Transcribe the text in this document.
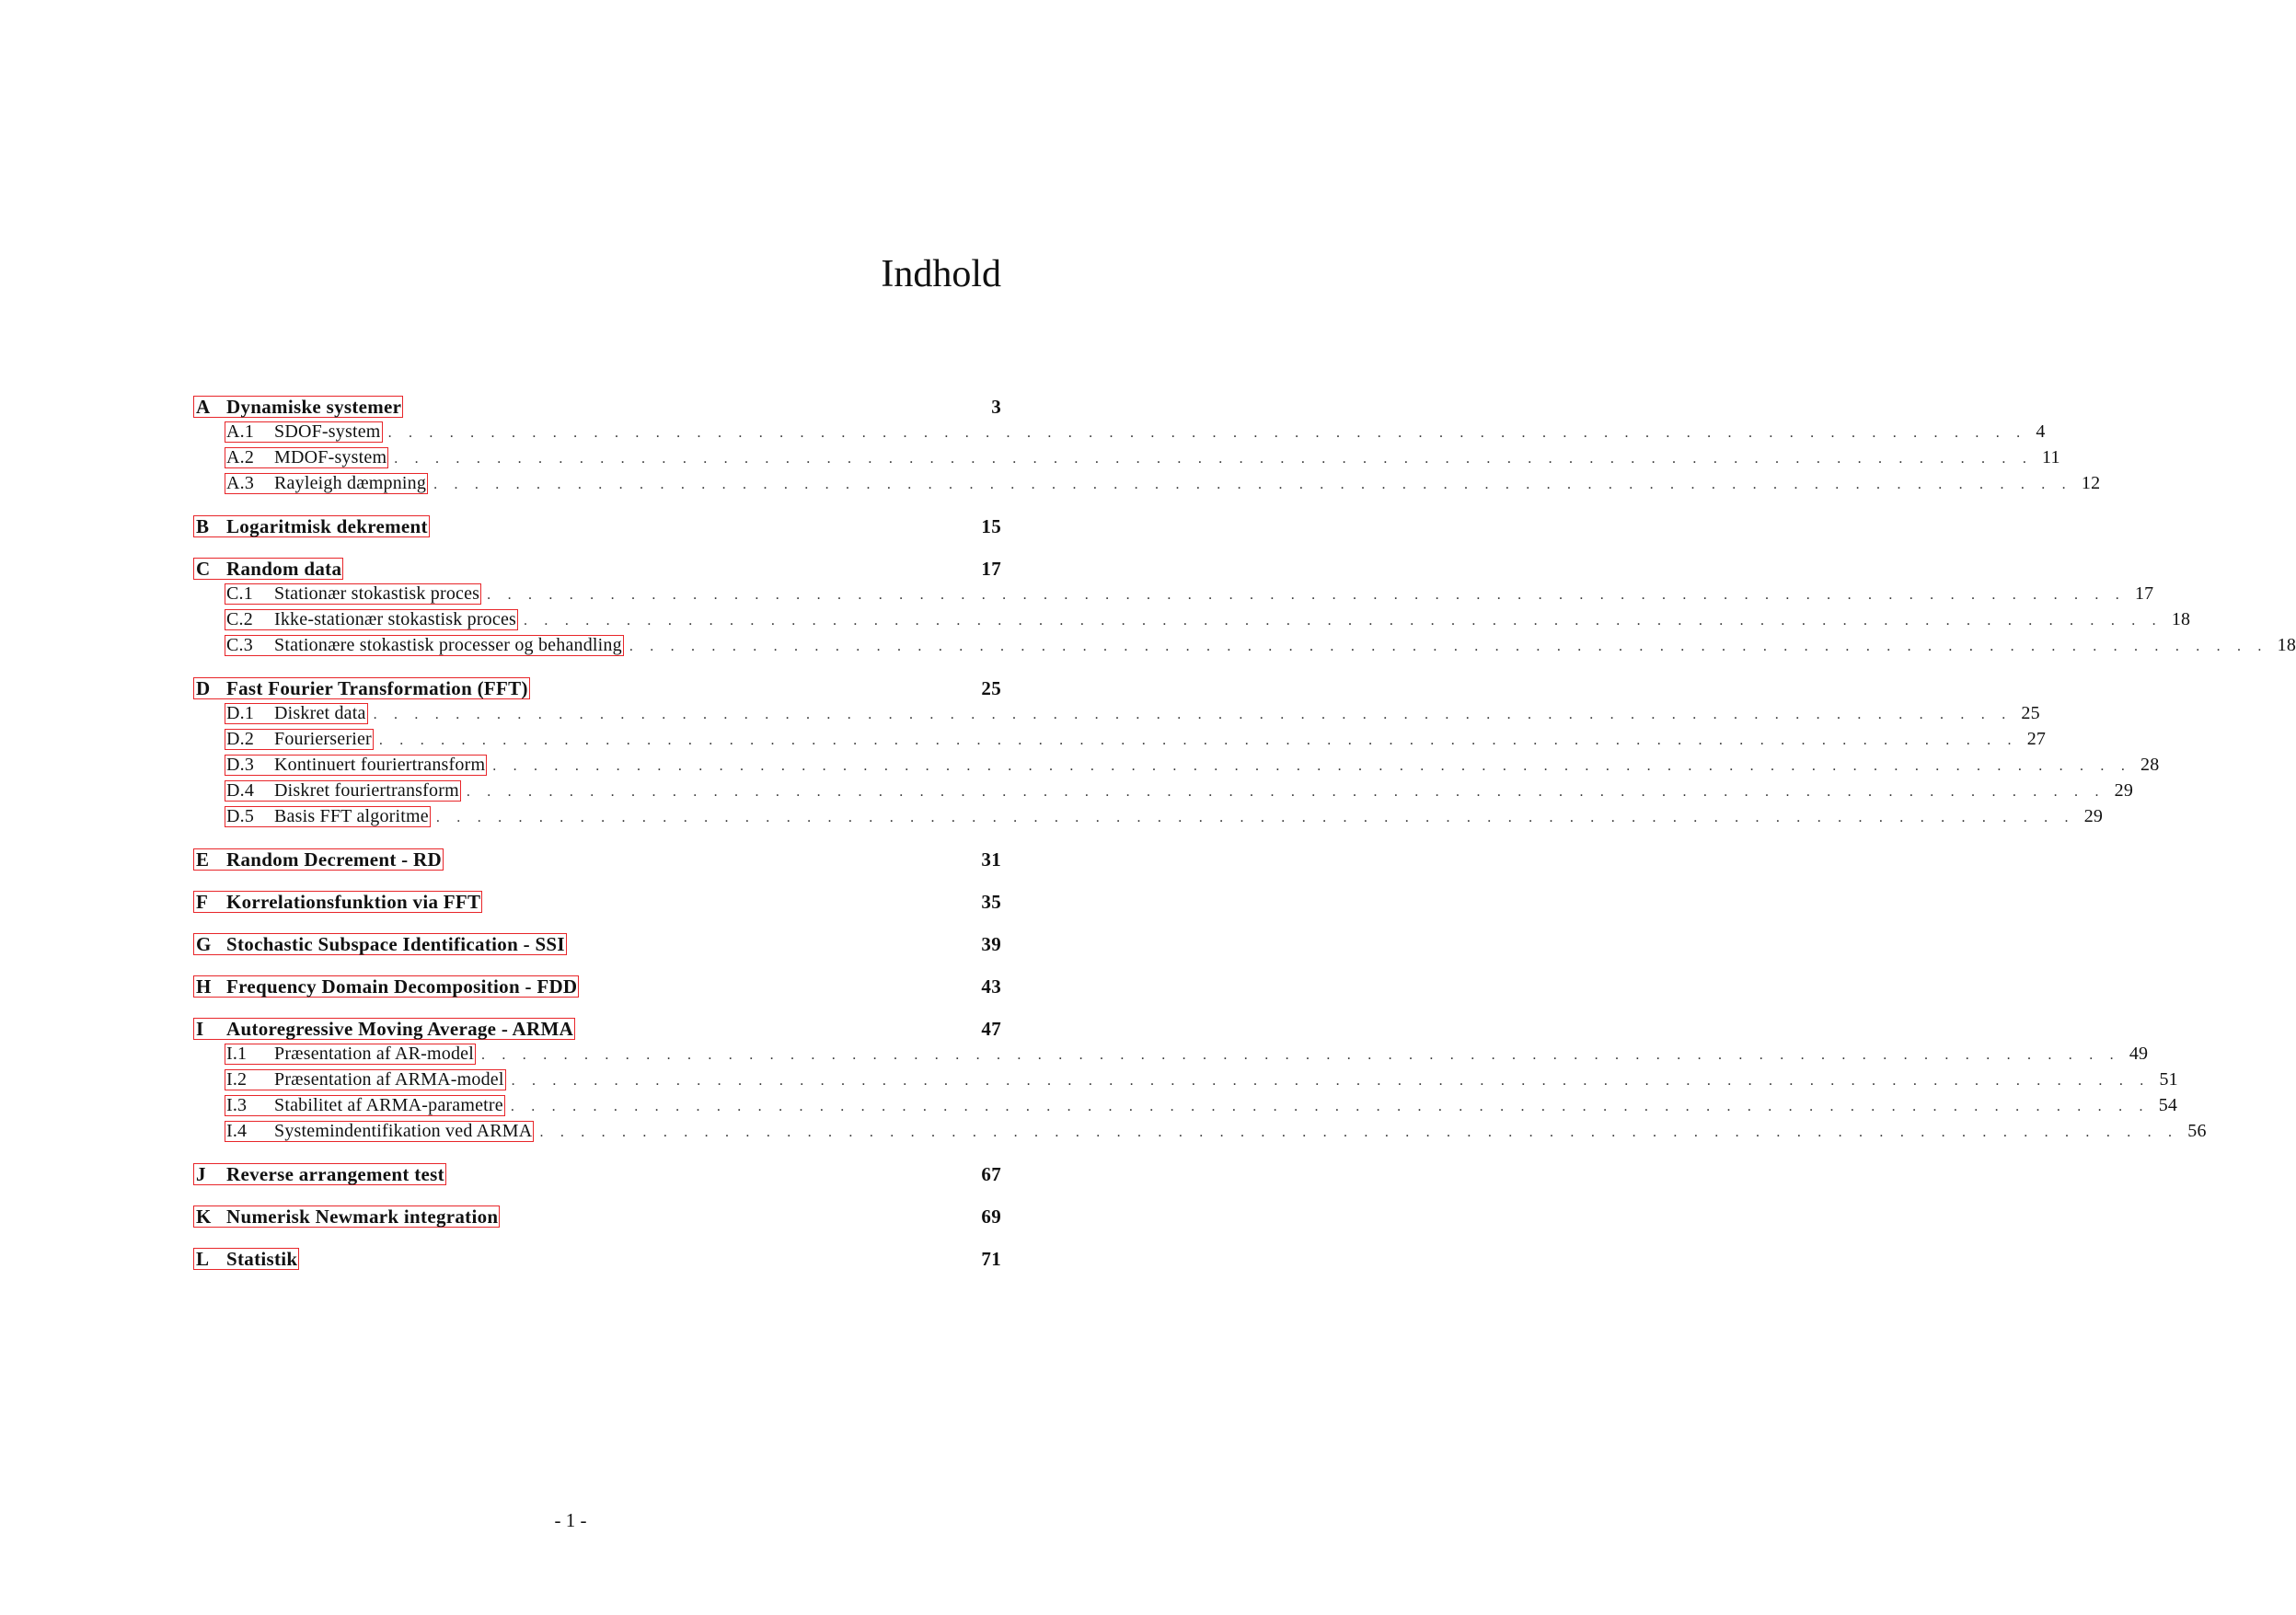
Indhold
A Dynamiske systemer	3
A.1	SDOF-system . . . . . . . . . . . . . . . . . . . . . . . . . . . . . . . . . . . . . . . . . . . . . . . . . . . . . . . . . . . . . . . . . . . . . . . . . . . . . . . . 4
A.2	MDOF-system . . . . . . . . . . . . . . . . . . . . . . . . . . . . . . . . . . . . . . . . . . . . . . . . . . . . . . . . . . . . . . . . . . . . . . . . . . . . . . . . 11
A.3	Rayleigh dæmpning . . . . . . . . . . . . . . . . . . . . . . . . . . . . . . . . . . . . . . . . . . . . . . . . . . . . . . . . . . . . . . . . . . . . . . . . . . . . . . . . 12
B Logaritmisk dekrement	15
C Random data	17
C.1	Stationær stokastisk proces . . . . . . . . . . . . . . . . . . . . . . . . . . . . . . . . . . . . . . . . . . . . . . . . . . . . . . . . . . . . . . . . . . . . . . . . . . . . . . . . 17
C.2	Ikke-stationær stokastisk proces . . . . . . . . . . . . . . . . . . . . . . . . . . . . . . . . . . . . . . . . . . . . . . . . . . . . . . . . . . . . . . . . . . . . . . . . . . . . . . . . 18
C.3	Stationære stokastisk processer og behandling . . . . . . . . . . . . . . . . . . . . . . . . . . . . . . . . . . . . . . . . . . . . . . . . . . . . . . . . . . . . . . . . . . . . . . . . . . . . . . . . 18
D Fast Fourier Transformation (FFT)	25
D.1	Diskret data . . . . . . . . . . . . . . . . . . . . . . . . . . . . . . . . . . . . . . . . . . . . . . . . . . . . . . . . . . . . . . . . . . . . . . . . . . . . . . . . 25
D.2	Fourierserier . . . . . . . . . . . . . . . . . . . . . . . . . . . . . . . . . . . . . . . . . . . . . . . . . . . . . . . . . . . . . . . . . . . . . . . . . . . . . . . . 27
D.3	Kontinuert fouriertransform . . . . . . . . . . . . . . . . . . . . . . . . . . . . . . . . . . . . . . . . . . . . . . . . . . . . . . . . . . . . . . . . . . . . . . . . . . . . . . . . 28
D.4	Diskret fouriertransform . . . . . . . . . . . . . . . . . . . . . . . . . . . . . . . . . . . . . . . . . . . . . . . . . . . . . . . . . . . . . . . . . . . . . . . . . . . . . . . . 29
D.5	Basis FFT algoritme . . . . . . . . . . . . . . . . . . . . . . . . . . . . . . . . . . . . . . . . . . . . . . . . . . . . . . . . . . . . . . . . . . . . . . . . . . . . . . . . 29
E Random Decrement - RD	31
F Korrelationsfunktion via FFT	35
G Stochastic Subspace Identification - SSI	39
H Frequency Domain Decomposition - FDD	43
I	Autoregressive Moving Average - ARMA	47
I.1	Præsentation af AR-model . . . . . . . . . . . . . . . . . . . . . . . . . . . . . . . . . . . . . . . . . . . . . . . . . . . . . . . . . . . . . . . . . . . . . . . . . . . . . . . . 49
I.2	Præsentation af ARMA-model . . . . . . . . . . . . . . . . . . . . . . . . . . . . . . . . . . . . . . . . . . . . . . . . . . . . . . . . . . . . . . . . . . . . . . . . . . . . . . . . 51
I.3	Stabilitet af ARMA-parametre . . . . . . . . . . . . . . . . . . . . . . . . . . . . . . . . . . . . . . . . . . . . . . . . . . . . . . . . . . . . . . . . . . . . . . . . . . . . . . . . 54
I.4	Systemindentifikation ved ARMA . . . . . . . . . . . . . . . . . . . . . . . . . . . . . . . . . . . . . . . . . . . . . . . . . . . . . . . . . . . . . . . . . . . . . . . . . . . . . . . . 56
J	Reverse arrangement test	67
K Numerisk Newmark integration	69
L Statistik	71
- 1 -
